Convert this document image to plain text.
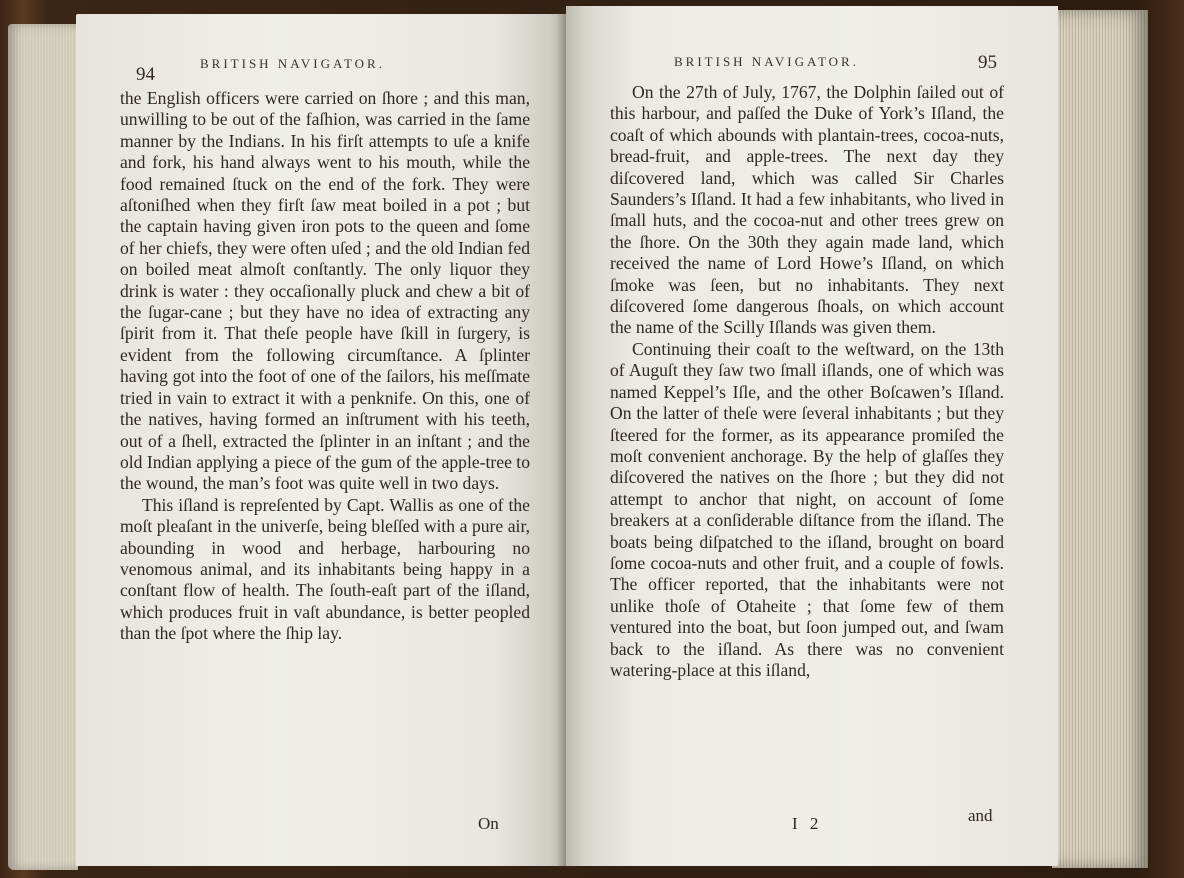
94
BRITISH NAVIGATOR.

the English officers were carried on ſhore ; and this man, unwilling to be out of the faſhion, was carried in the ſame manner by the Indians. In his firſt attempts to uſe a knife and fork, his hand always went to his mouth, while the food remained ſtuck on the end of the fork. They were aſtoniſhed when they firſt ſaw meat boiled in a pot ; but the captain having given iron pots to the queen and ſome of her chiefs, they were often uſed ; and the old Indian fed on boiled meat almoſt conſtantly. The only liquor they drink is water : they occaſionally pluck and chew a bit of the ſugar-cane ; but they have no idea of extracting any ſpirit from it. That theſe people have ſkill in ſurgery, is evident from the following circumſtance. A ſplinter having got into the foot of one of the ſailors, his meſſmate tried in vain to extract it with a penknife. On this, one of the natives, having formed an inſtrument with his teeth, out of a ſhell, extracted the ſplinter in an inſtant ; and the old Indian applying a piece of the gum of the apple-tree to the wound, the man’s foot was quite well in two days.

This iſland is repreſented by Capt. Wallis as one of the moſt pleaſant in the univerſe, being bleſſed with a pure air, abounding in wood and herbage, harbouring no venomous animal, and its inhabitants being happy in a conſtant flow of health. The ſouth-eaſt part of the iſland, which produces fruit in vaſt abundance, is better peopled than the ſpot where the ſhip lay.

On
BRITISH NAVIGATOR.	95

On the 27th of July, 1767, the Dolphin ſailed out of this harbour, and paſſed the Duke of York’s Iſland, the coaſt of which abounds with plantain-trees, cocoa-nuts, bread-fruit, and apple-trees. The next day they diſcovered land, which was called Sir Charles Saunders’s Iſland. It had a few inhabitants, who lived in ſmall huts, and the cocoa-nut and other trees grew on the ſhore. On the 30th they again made land, which received the name of Lord Howe’s Iſland, on which ſmoke was ſeen, but no inhabitants. They next diſcovered ſome dangerous ſhoals, on which account the name of the Scilly Iſlands was given them.

Continuing their coaſt to the weſtward, on the 13th of Auguſt they ſaw two ſmall iſlands, one of which was named Keppel’s Iſle, and the other Boſcawen’s Iſland. On the latter of theſe were ſeveral inhabitants ; but they ſteered for the former, as its appearance promiſed the moſt convenient anchorage. By the help of glaſſes they diſcovered the natives on the ſhore ; but they did not attempt to anchor that night, on account of ſome breakers at a conſiderable diſtance from the iſland. The boats being diſpatched to the iſland, brought on board ſome cocoa-nuts and other fruit, and a couple of fowls. The officer reported, that the inhabitants were not unlike thoſe of Otaheite ; that ſome few of them ventured into the boat, but ſoon jumped out, and ſwam back to the iſland. As there was no convenient watering-place at this iſland,

I 2	and
